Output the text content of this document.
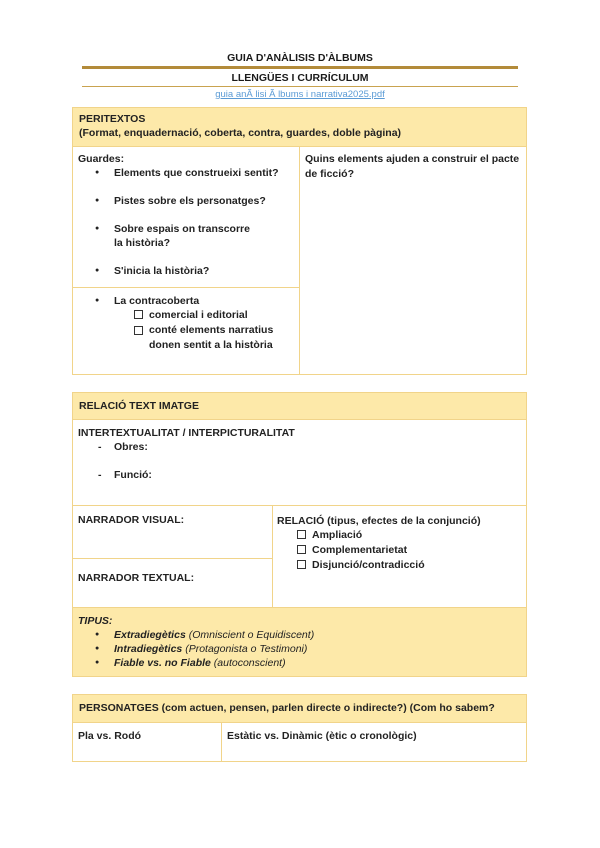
GUIA D'ANÀLISIS D'ÀLBUMS
LLENGÜES I CURRÍCULUM
guia anÃ lisi Ã lbums i narrativa2025.pdf
PERITEXTOS
(Format, enquadernació, coberta, contra, guardes, doble pàgina)
Guardes:
● Elements que construeixi sentit?
● Pistes sobre els personatges?
● Sobre espais on transcorre la història?
● S'inicia la història?
● La contracoberta
comercial i editorial
conté elements narratius donen sentit a la història
Quins elements ajuden a construir el pacte de ficció?
RELACIÓ TEXT IMATGE
INTERTEXTUALITAT / INTERPICTURALITAT
- Obres:
- Funció:
NARRADOR VISUAL:
NARRADOR TEXTUAL:
RELACIÓ (tipus, efectes de la conjunció)
Ampliació
Complementarietat
Disjunció/contradicció
TIPUS:
● Extradiegètics (Omniscient o Equidiscent)
● Intradiegètics (Protagonista o Testimoni)
● Fiable vs. no Fiable (autoconscient)
PERSONATGES (com actuen, pensen, parlen directe o indirecte?) (Com ho sabem?
Pla vs. Rodó	Estàtic vs. Dinàmic (ètic o cronològic)
